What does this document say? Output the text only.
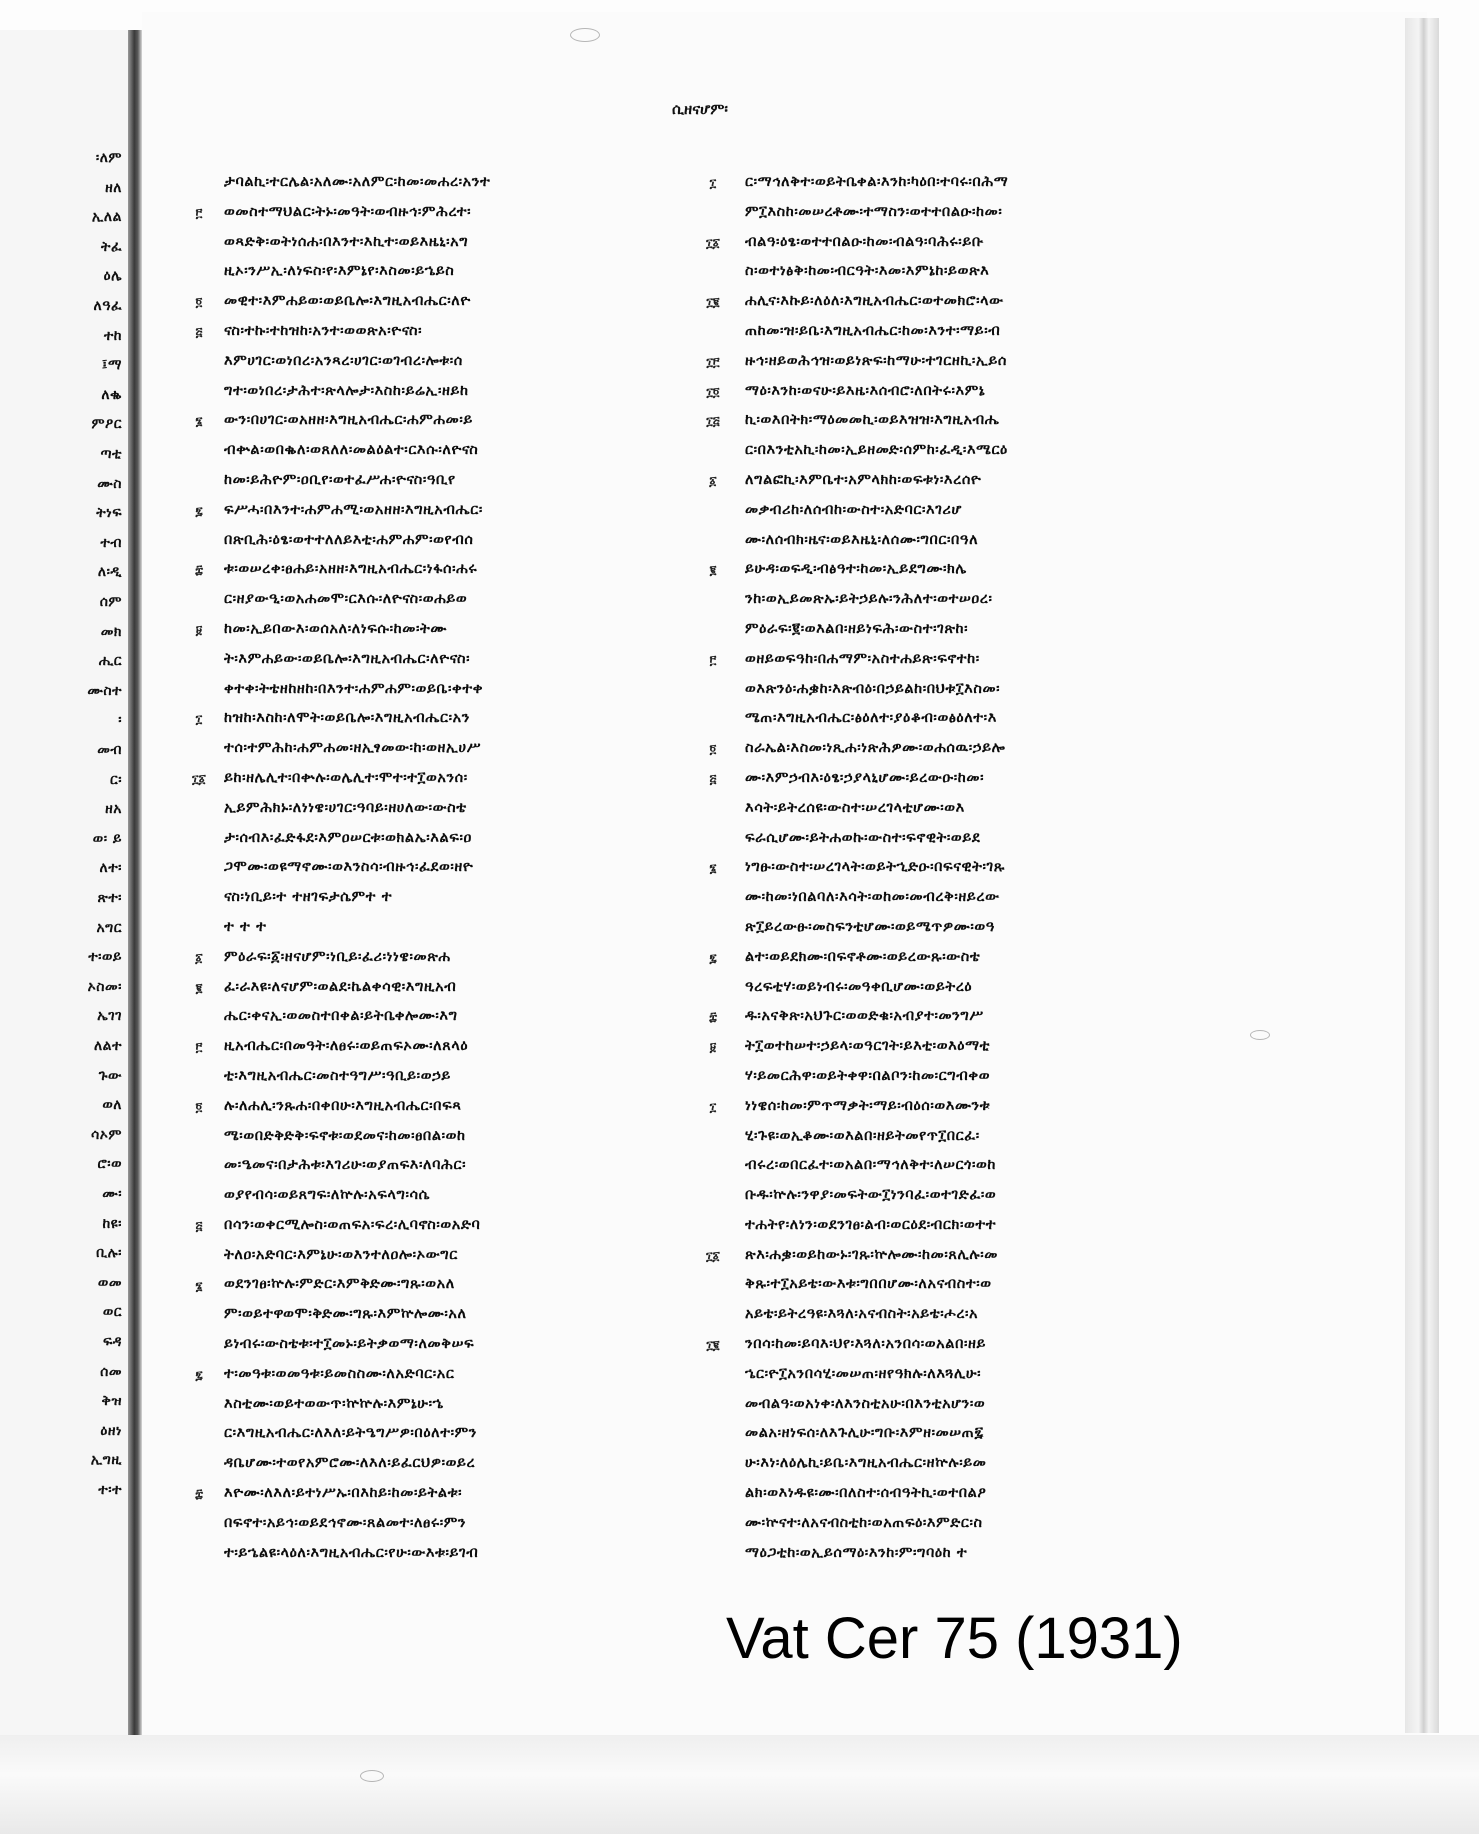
፡ለም
ዘለ
ኢለል
ትፈ
ዕሌ
ለዓፈ
ተከ
፤ማ
ለቈ
ምዖር
ጣቲ
ሙስ
ትነፍ
ተብ
ለ፡ዲ
ሰም
መክ
ሒር
ሙስተ
፡
መብ
ር፡
ዘአ
ወ፡ ይ
ለተ፡
ጽተ፡
አግር
ተ፡ወይ
ኦስመ፡
ኤገገ
ለልተ
ጉው
ወለ
ሳኦም
ሮ፡ወ
ሙ፡
ከዩ፡
ቢሉ፡
ወመ
ወር
ፍዳ
ሰመ
ቅዝ
ዕዘነ
ኢግዚ
ተ፡ተ
ሲዘናሆም፡
ታባልኪ፡ተርሌል፡አለሙ፡አለምር፡ከመ፡መሐረ፡አንተ
ወመስተማህልር፡ትኑ፡መዓት፡ወብዙኅ፡ምሕረተ፡
ወጻድቅ፡ወትነሰሐ፡በእንተ፡እኪተ፡ወይእዜኒ፡አግ
ዚኦ፡ንሥኢ፡ለነፍስ፡የ፡እምኔየ፡እስመ፡ይኄይስ
መዊተ፡እምሐይወ፡ወይቤሎ፡እግዚአብሔር፡ለዮ
ናስ፡ተኩ፡ተከዝከ፡አንተ፡ወወጽአ፡ዮናስ፡
እምሀገር፡ወነበረ፡አንጻረ፡ሀገር፡ወገብረ፡ሎቱ፡ሰ
ግተ፡ወነበረ፡ታሕተ፡ጽላሎታ፡እስከ፡ይሬኢ፡ዘይከ
ውን፡በሀገር፡ወአዘዘ፡እግዚአብሔር፡ሐምሐመ፡ይ
ብቍል፡ወበቈለ፡ወጸለለ፡መልዕልተ፡ርእሱ፡ለዮናስ
ከመ፡ይሕዮም፡ዐቢየ፡ወተፈሥሐ፡ዮናስ፡ዓቢየ
ፍሥሓ፡በእንተ፡ሐምሐሚ፡ወአዘዘ፡እግዚአብሔር፡
በጽቢሕ፡ዕፄ፡ወተተለለይእቲ፡ሐምሐም፡ወየብሰ
ቱ፡ወሠረቀ፡ፀሐይ፡አዘዘ፡እግዚአብሔር፡ነፋሰ፡ሐሩ
ር፡ዘያውዒ፡ወአሐመሞ፡ርእሱ፡ለዮናስ፡ወሐይወ
ከመ፡ኢይበውእ፡ወሰአለ፡ለነፍሱ፡ከመ፡ትሙ
ት፡እምሐይው፡ወይቤሎ፡እግዚአብሔር፡ለዮናስ፡
ቀተቀ፡ትቴዘከዘከ፡በእንተ፡ሐምሐም፡ወይቤ፡ቀተቀ
ከዝከ፡እስከ፡ለሞት፡ወይቤሎ፡እግዚአብሔር፡አን
ተሰ፡ተምሕከ፡ሐምሐመ፡ዘኢፃመው፡ከ፡ወዘኢሀሥ
ይከ፡ዘሌሊተ፡በቍሉ፡ወሌሊተ፡ሞተ፡ተ፲ወአንሰ፡
ኢይምሕክኑ፡ለነነዌ፡ሀገር፡ዓባይ፡ዘሀለው፡ውስቴ
ታ፡ሰብእ፡ፈድፋደ፡እምዐሠርቱ፡ወክልኤ፡እልፍ፡ዐ
ጋሞሙ፡ወዩማኖሙ፡ወእንስሳ፡ብዙኅ፡ፈደወ፡ዘዮ
ናስ፡ነቢይ፡ተ ተዘገፍታሴምተ ተ
ተ ተ ተ
ምዕራፍ፡፩፡ዘናሆም፡ነቢይ፡ፈሪ፡ነነዌ፡መጽሐ
ፈ፡ራእዩ፡ለናሆም፡ወልደ፡ኬልቀሳዊ፡እግዚአብ
ሔር፡ቀናኢ፡ወመስተበቀል፡ይትቤቀሎሙ፡እግ
ዚአብሔር፡በመዓት፡ለፀሩ፡ወይጠፍኦሙ፡ለጸላዕ
ቲ፡እግዚአብሔር፡መስተዓግሥ፡ዓቢይ፡ወኃይ
ሉ፡ለሐሊ፡ንጹሐ፡በቀበሁ፡እግዚአብሔር፡በፍጻ
ሜ፡ወበድቅድቅ፡ፍኖቱ፡ወደመና፡ከመ፡ፀበል፡ወከ
መ፡ዔመና፡በታሕቱ፡እገሪሁ፡ወያጠፍእ፡ለባሕር፡
ወያየብሳ፡ወይጸግፍ፡ለኵሉ፡አፍላግ፡ሳሴ
በሳን፡ወቀርሚሎስ፡ወጠፍአ፡ፍረ፡ሊባኖስ፡ወአድባ
ትለዐ፡አድባር፡እምኔሁ፡ወእንተለዐሎ፡ኦውግር
ወደንገፀ፡ኵሉ፡ምድር፡እምቅድሙ፡ግጹ፡ወአለ
ም፡ወይተዋወሞ፡ቅድሙ፡ግጹ፡እምኵሎሙ፡አለ
ይነብሩ፡ውስቴቱ፡ተ፲መኑ፡ይትቃወማ፡ለመቅሠፍ
ተ፡መዓቱ፡ወመዓቱ፡ይመስስሙ፡ለአድባር፡አር
እስቲሙ፡ወይተወውጥ፡ኵኵሉ፡እምኔሁ፡ኄ
ር፡እግዚአብሔር፡ለእለ፡ይትዔግሥዎ፡በዕለተ፡ምን
ዳቤሆሙ፡ተወየአምሮሙ፡ለእለ፡ይፈርህዎ፡ወይረ
እዮሙ፡ለእለ፡ይተነሥኡ፡በእከይ፡ከመ፡ይትልቱ፡
በፍኖተ፡አይኅ፡ወይደኅኖሙ፡ጸልመተ፡ለፀሩ፡ምን
ተ፡ይኄልዩ፡ላዕለ፡እግዚአብሔር፡የሁ፡ውእቱ፡ይገብ
ር፡ማኅለቅተ፡ወይትቤቀል፡እንከ፡ካዕበ፡ተባሩ፡በሕማ
ም፲እስከ፡መሠረቶሙ፡ተማስን፡ወተተበልዑ፡ከመ፡
ብልዓ፡ዕፄ፡ወተተበልዑ፡ከመ፡ብልዓ፡ባሕሩ፡ይቡ
ስ፡ወተነፅቅ፡ከመ፡ብርዓት፡እመ፡እምኔከ፡ይወጽእ
ሐሊና፡እኩይ፡ለዕለ፡እግዚአብሔር፡ወተመክሮ፡ላው
ጠከመ፡ዝ፡ይቤ፡እግዚአብሔር፡ከመ፡እንተ፡ማይ፡ብ
ዙኅ፡ዘይወሕኅዝ፡ወይነጽፍ፡ከማሁ፡ተገርዘኪ፡ኢይሰ
ማዕ፡እንከ፡ወናሁ፡ይእዜ፡እሰብሮ፡ለበትሩ፡እምኔ
ኪ፡ወእበትክ፡ማዕመመኪ፡ወይእዝዝ፡እግዚአብሔ
ር፡በእንቲአኪ፡ከመ፡ኢይዘመድ፡ሰምከ፡ፈዲ፡እሜርዕ
ለግልፎኪ፡እምቤተ፡አምላክከ፡ወፍቱነ፡እረሰዮ
መቃብሪከ፡ለሰብከ፡ውስተ፡አድባር፡እገሪሆ
ሙ፡ለሰብክ፡ዜና፡ወይእዜኒ፡ለሰሙ፡ግበር፡በዓለ
ይሁዳ፡ወፍዲ፡ብፅዓተ፡ከመ፡ኢይደግሙ፡ክሌ
ንከ፡ወኢይመጽኡ፡ይትኃይሉ፡ንሕለተ፡ወተሠዐረ፡
ምዕራፍ፡፪፡ወእልበ፡ዘይነፍሕ፡ውስተ፡ገጽከ፡
ወዘይወፍዓከ፡በሐማም፡አስተሐይጽ፡ፍኖተከ፡
ወእጽንዕ፡ሐቌከ፡እጽብዕ፡በኃይልከ፡በህቱ፲እስመ፡
ሜጠ፡እግዚአብሔር፡ፅዕለተ፡ያዕቆብ፡ወፅዕለተ፡እ
ስራኤል፡እስመ፡ነጺሐ፡ነጽሕዎሙ፡ወሐሰዉ፡ኃይሎ
ሙ፡እምኃብእ፡ዕፄ፡ኃያላኒሆሙ፡ይረውዑ፡ከመ፡
እሳት፡ይትረሰዩ፡ውስተ፡ሠረገላቲሆሙ፡ወእ
ፍራሲሆሙ፡ይትሐወኩ፡ውስተ፡ፍኖዊት፡ወይደ
ነግፁ፡ውስተ፡ሠረገላት፡ወይትኂድዑ፡በፍናዊት፡ገጹ
ሙ፡ከመ፡ነበልባለ፡እሳት፡ወከመ፡መብረቅ፡ዘይረው
ጽ፲ይረውፁ፡መስፍንቲሆሙ፡ወይሜጥዎሙ፡ወዓ
ልተ፡ወይደክሙ፡በፍኖቶሙ፡ወይረውጹ፡ውስቴ
ዓረፍቲሃ፡ወይነብሩ፡መዓቀቢሆሙ፡ወይትረዕ
ዱ፡አናቅጽ፡አህጉር፡ወወድቁ፡አብያተ፡መንግሥ
ት፲ወተከሠተ፡ኃይላ፡ወዓርገት፡ይእቲ፡ወእዕማቲ
ሃ፡ይመርሕዋ፡ወይትቀዋ፡በልቦን፡ከመ፡ርግብቀወ
ነነዌሰ፡ከመ፡ምጥማቃት፡ማይ፡ብዕሰ፡ወእሙንቱ
ሂ፡ጉዩ፡ወኢቆሙ፡ወእልበ፡ዘይትመየጥ፲በርፈ፡
ብሩረ፡ወበርፈተ፡ወአልበ፡ማኅለቅተ፡ለሠርጎ፡ወከ
ቡዱ፡ኵሉ፡ንዋያ፡መፍትው፲ነንባፈ፡ወተገድፈ፡ወ
ተሐትየ፡ለነን፡ወደንገፀ፡ልብ፡ወርዕደ፡ብርክ፡ወተተ
ጽእ፡ሐቌ፡ወይከውኑ፡ገጹ፡ኵሎሙ፡ከመ፡ጸሊሉ፡መ
ቅጹ፡ተ፲አይቴ፡ውእቱ፡ግበበሆሙ፡ለአናብስተ፡ወ
አይቴ፡ይትረዓዩ፡እጓለ፡አናብስት፡አይቴ፡ሖረ፡አ
ንበሳ፡ከመ፡ይባእ፡ህየ፡እጓለ፡አንበሳ፡ወአልበ፡ዘይ
ኄር፡ዮ፲አንበሳሂ፡መሠጠ፡ዘየዓክሉ፡ለእጓሊሁ፡
መብልዓ፡ወአነቀ፡ለእንስቲአሁ፡በእንቲአሆን፡ወ
መልአ፡ዘነፍሰ፡ለእጉሊሁ፡ግቡ፡እምዘ፡መሠጠ፯
ሁ፡እነ፡ለዕሌኪ፡ይቤ፡እግዚአብሔር፡ዘኵሉ፡ይመ
ልክ፡ወእነዱዩ፡ሙ፡በለስተ፡ሰብዓትኪ፡ወተበልዖ
ሙ፡ኵናተ፡ለአናብስቲከ፡ወአጠፍዕ፡እምድር፡ስ
ማዕጋቲከ፡ወኢይሰማዕ፡እንከ፡ም፡ግባዕከ ተ
፫
፬
፭
፮
፯
፰
፱
፲
፲፩
፩
፪
፫
፬
፭
፮
፯
፰
፲
፲፩
፲፪
፲፫
፲፬
፲፭
፩
፪
፫
፬
፭
፮
፯
፰
፱
፲
፲፩
፲፪
Vat Cer 75 (1931)
